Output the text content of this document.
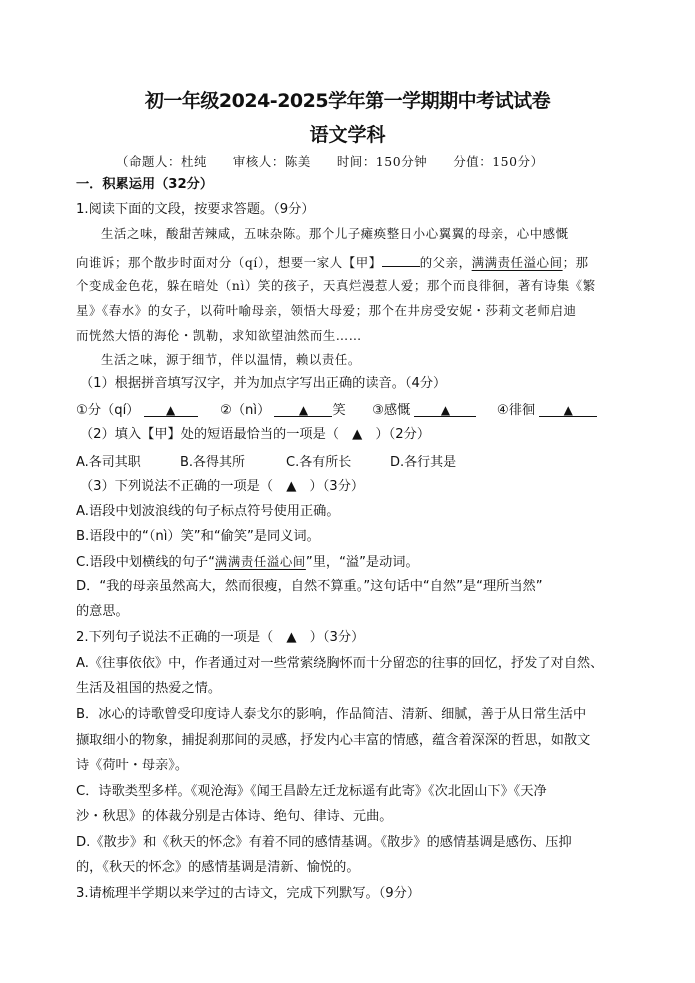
初一年级2024-2025学年第一学期期中考试试卷
语文学科
（命题人：杜纯　　审核人：陈美　　时间：150分钟　　分值：150分）
一．积累运用（32分）
1.阅读下面的文段，按要求答题。（9分）
生活之味，酸甜苦辣咸，五味杂陈。那个儿子瘫痪整日小心翼翼的母亲，心中感慨
向谁诉；那个散步时面对分（qí），想要一家人【甲】	的父亲，满满责任溢心间；那
个变成金色花，躲在暗处（nì）笑的孩子，天真烂漫惹人爱；那个而良徘徊，著有诗集《繁
星》《春水》的女子，以荷叶喻母亲，领悟大母爱；那个在井房受安妮・莎莉文老师启迪
而恍然大悟的海伦・凯勒，求知欲望油然而生……
生活之味，源于细节，伴以温情，赖以责任。
（1）根据拼音填写汉字，并为加点字写出正确的读音。（4分）
①分（qí） ▲	②（nì） ▲ 笑 ③感慨	▲	④徘徊 ▲
（2）填入【甲】处的短语最恰当的一项是（　▲　）（2分）
A.各司其职	B.各得其所	C.各有所长	D.各行其是
（3）下列说法不正确的一项是（　▲　）（3分）
A.语段中划波浪线的句子标点符号使用正确。
B.语段中的“（nì）笑”和“偷笑”是同义词。
C.语段中划横线的句子“满满责任溢心间”里，“溢”是动词。
D．“我的母亲虽然高大，然而很瘦，自然不算重。”这句话中“自然”是“理所当然”
的意思。
2.下列句子说法不正确的一项是（　▲　）（3分）
A.《往事依依》中，作者通过对一些常萦绕胸怀而十分留恋的往事的回忆，抒发了对自然、
生活及祖国的热爱之情。
B．冰心的诗歌曾受印度诗人泰戈尔的影响，作品简洁、清新、细腻，善于从日常生活中
撷取细小的物象，捕捉刹那间的灵感，抒发内心丰富的情感，蕴含着深深的哲思，如散文
诗《荷叶・母亲》。
C．诗歌类型多样。《观沧海》《闻王昌龄左迁龙标遥有此寄》《次北固山下》《天净
沙・秋思》的体裁分别是古体诗、绝句、律诗、元曲。
D.《散步》和《秋天的怀念》有着不同的感情基调。《散步》的感情基调是感伤、压抑
的，《秋天的怀念》的感情基调是清新、愉悦的。
3.请梳理半学期以来学过的古诗文，完成下列默写。（9分）
